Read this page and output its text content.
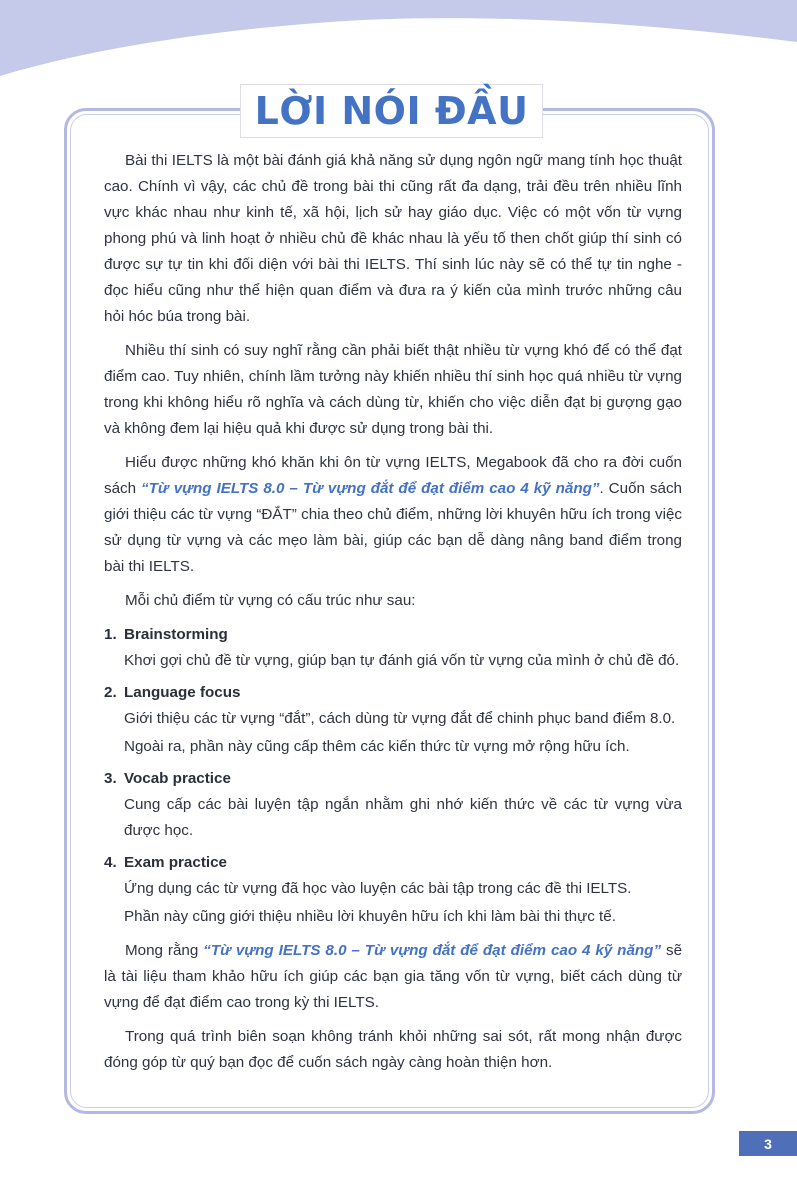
LỜI NÓI ĐẦU

Bài thi IELTS là một bài đánh giá khả năng sử dụng ngôn ngữ mang tính học thuật cao. Chính vì vậy, các chủ đề trong bài thi cũng rất đa dạng, trải đều trên nhiều lĩnh vực khác nhau như kinh tế, xã hội, lịch sử hay giáo dục. Việc có một vốn từ vựng phong phú và linh hoạt ở nhiều chủ đề khác nhau là yếu tố then chốt giúp thí sinh có được sự tự tin khi đối diện với bài thi IELTS. Thí sinh lúc này sẽ có thể tự tin nghe - đọc hiểu cũng như thể hiện quan điểm và đưa ra ý kiến của mình trước những câu hỏi hóc búa trong bài.

Nhiều thí sinh có suy nghĩ rằng cần phải biết thật nhiều từ vựng khó để có thể đạt điểm cao. Tuy nhiên, chính lầm tưởng này khiến nhiều thí sinh học quá nhiều từ vựng trong khi không hiểu rõ nghĩa và cách dùng từ, khiến cho việc diễn đạt bị gượng gạo và không đem lại hiệu quả khi được sử dụng trong bài thi.

Hiểu được những khó khăn khi ôn từ vựng IELTS, Megabook đã cho ra đời cuốn sách “Từ vựng IELTS 8.0 – Từ vựng đắt để đạt điểm cao 4 kỹ năng”. Cuốn sách giới thiệu các từ vựng “ĐẮT” chia theo chủ điểm, những lời khuyên hữu ích trong việc sử dụng từ vựng và các mẹo làm bài, giúp các bạn dễ dàng nâng band điểm trong bài thi IELTS.

Mỗi chủ điểm từ vựng có cấu trúc như sau:

1. Brainstorming

Khơi gợi chủ đề từ vựng, giúp bạn tự đánh giá vốn từ vựng của mình ở chủ đề đó.

2. Language focus

Giới thiệu các từ vựng “đắt”, cách dùng từ vựng đắt để chinh phục band điểm 8.0.

Ngoài ra, phần này cũng cấp thêm các kiến thức từ vựng mở rộng hữu ích.

3. Vocab practice

Cung cấp các bài luyện tập ngắn nhằm ghi nhớ kiến thức về các từ vựng vừa được học.

4. Exam practice

Ứng dụng các từ vựng đã học vào luyện các bài tập trong các đề thi IELTS.

Phần này cũng giới thiệu nhiều lời khuyên hữu ích khi làm bài thi thực tế.

Mong rằng “Từ vựng IELTS 8.0 – Từ vựng đắt để đạt điểm cao 4 kỹ năng” sẽ là tài liệu tham khảo hữu ích giúp các bạn gia tăng vốn từ vựng, biết cách dùng từ vựng để đạt điểm cao trong kỳ thi IELTS.

Trong quá trình biên soạn không tránh khỏi những sai sót, rất mong nhận được đóng góp từ quý bạn đọc để cuốn sách ngày càng hoàn thiện hơn.

3
